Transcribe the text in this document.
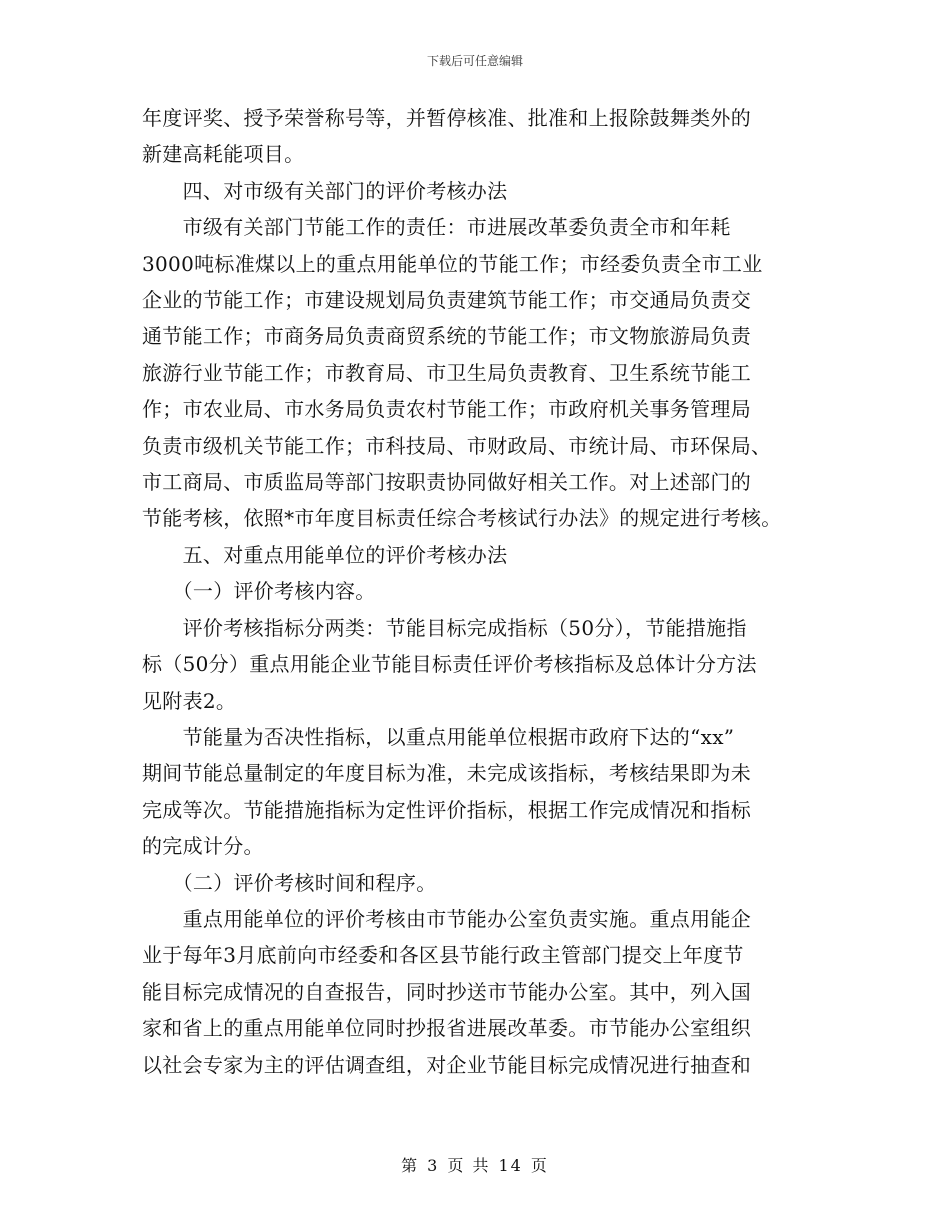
下载后可任意编辑

年度评奖、授予荣誉称号等，并暂停核准、批准和上报除鼓舞类外的

新建高耗能项目。

　　四、对市级有关部门的评价考核办法

　　市级有关部门节能工作的责任：市进展改革委负责全市和年耗

3000吨标准煤以上的重点用能单位的节能工作；市经委负责全市工业

企业的节能工作；市建设规划局负责建筑节能工作；市交通局负责交

通节能工作；市商务局负责商贸系统的节能工作；市文物旅游局负责

旅游行业节能工作；市教育局、市卫生局负责教育、卫生系统节能工

作；市农业局、市水务局负责农村节能工作；市政府机关事务管理局

负责市级机关节能工作；市科技局、市财政局、市统计局、市环保局、

市工商局、市质监局等部门按职责协同做好相关工作。对上述部门的

节能考核，依照*市年度目标责任综合考核试行办法》的规定进行考核。

　　五、对重点用能单位的评价考核办法

　　（一）评价考核内容。

　　评价考核指标分两类：节能目标完成指标（50分），节能措施指

标（50分）重点用能企业节能目标责任评价考核指标及总体计分方法

见附表2。

　　节能量为否决性指标，以重点用能单位根据市政府下达的“xx”

期间节能总量制定的年度目标为准，未完成该指标，考核结果即为未

完成等次。节能措施指标为定性评价指标，根据工作完成情况和指标

的完成计分。

　　（二）评价考核时间和程序。

　　重点用能单位的评价考核由市节能办公室负责实施。重点用能企

业于每年3月底前向市经委和各区县节能行政主管部门提交上年度节

能目标完成情况的自查报告，同时抄送市节能办公室。其中，列入国

家和省上的重点用能单位同时抄报省进展改革委。市节能办公室组织

以社会专家为主的评估调查组，对企业节能目标完成情况进行抽查和

第 3 页 共 14 页
